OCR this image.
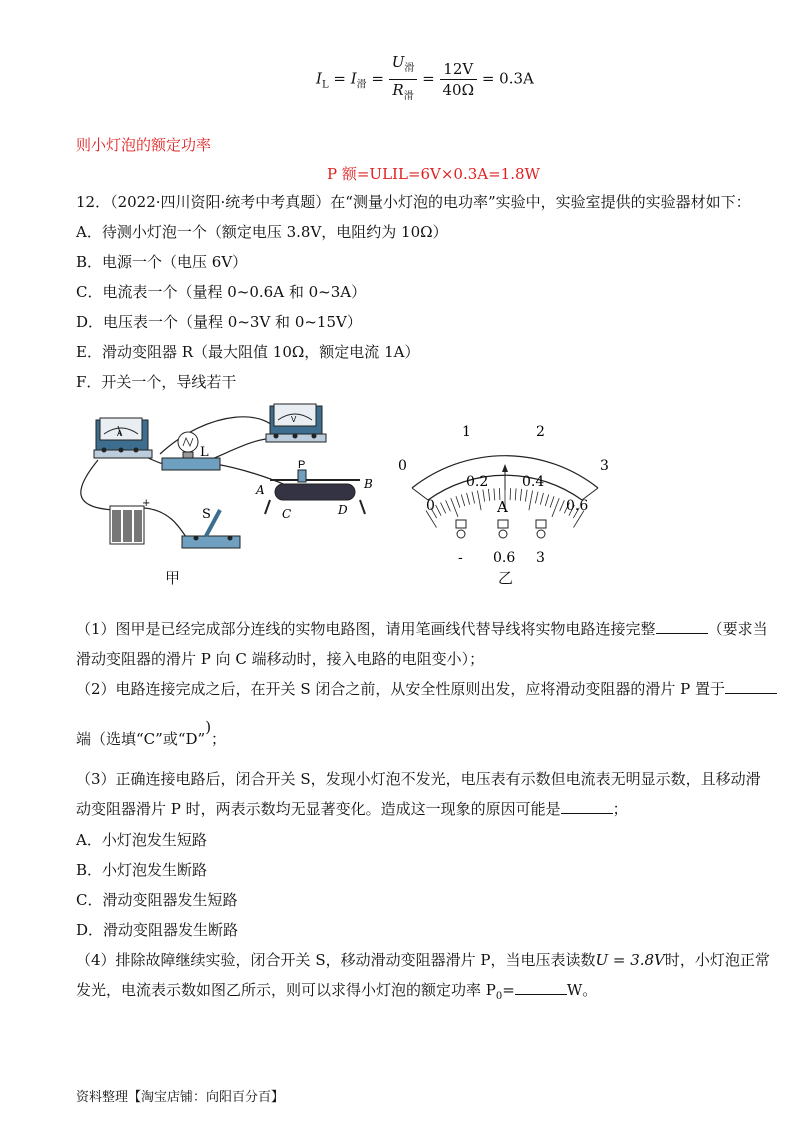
$I_L = I_滑 = \frac{U_滑}{R_滑} = \frac{12V}{40\Omega} = 0.3A$
则小灯泡的额定功率
P 额=ULIL=6V×0.3A=1.8W
12．（2022·四川资阳·统考中考真题）在“测量小灯泡的电功率”实验中，实验室提供的实验器材如下：
A．待测小灯泡一个（额定电压 3.8V，电阻约为 10Ω）
B．电源一个（电压 6V）
C．电流表一个（量程 0~0.6A 和 0~3A）
D．电压表一个（量程 0~3V 和 0~15V）
E．滑动变阻器 R（最大阻值 10Ω，额定电流 1A）
F．开关一个，导线若干
A
V
L
P
A	B
C	D
+
S
甲
0
1	2
3
0
0.2 0.4
0.6
A
- 0.6 3
乙
（1）图甲是已经完成部分连线的实物电路图，请用笔画线代替导线将实物电路连接完整	（要求当
滑动变阻器的滑片 P 向 C 端移动时，接入电路的电阻变小）；
（2）电路连接完成之后，在开关 S 闭合之前，从安全性原则出发，应将滑动变阻器的滑片 P 置于
端（选填“C”或“D”)；
（3）正确连接电路后，闭合开关 S，发现小灯泡不发光，电压表有示数但电流表无明显示数，且移动滑
动变阻器滑片 P 时，两表示数均无显著变化。造成这一现象的原因可能是	；
A．小灯泡发生短路
B．小灯泡发生断路
C．滑动变阻器发生短路
D．滑动变阻器发生断路
（4）排除故障继续实验，闭合开关 S，移动滑动变阻器滑片 P，当电压表读数U = 3.8V时，小灯泡正常
发光，电流表示数如图乙所示，则可以求得小灯泡的额定功率 $P_0=$	W。
资料整理【淘宝店铺：向阳百分百】
